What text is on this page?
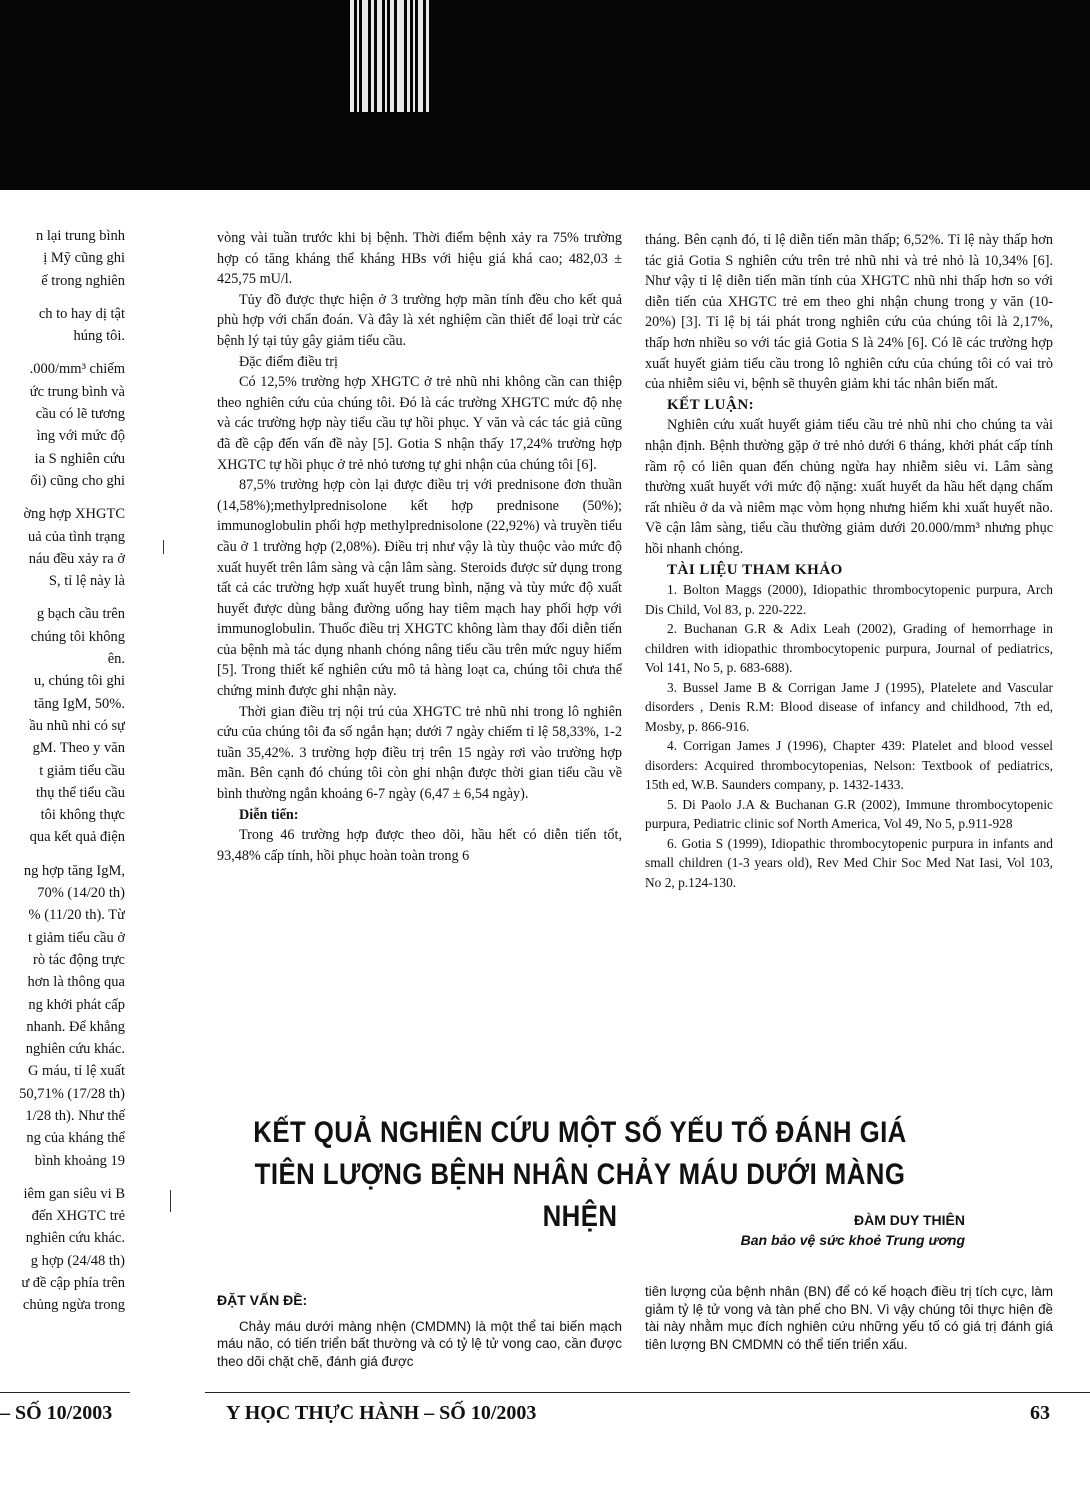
n lại trung bình
ị Mỹ cũng ghi
ế trong nghiên
ch to hay dị tật
húng tôi.
.000/mm³ chiếm
ức trung bình và
cầu có lẽ tương
ìng với mức độ
ia S nghiên cứu
ối) cũng cho ghi
ờng hợp XHGTC
uả của tình trạng
náu đều xảy ra ở
S, tỉ lệ này là
g bạch cầu trên
chúng tôi không
ên.
u, chúng tôi ghi
tăng IgM, 50%.
ầu nhũ nhi có sự
gM. Theo y văn
t giảm tiểu cầu
thụ thể tiểu cầu
tôi không thực
qua kết quả điện
ng hợp tăng IgM,
70% (14/20 th)
% (11/20 th). Từ
t giảm tiểu cầu ở
rò tác động trực
hơn là thông qua
ng khởi phát cấp
nhanh. Để khẳng
nghiên cứu khác.
G máu, tỉ lệ xuất
50,71% (17/28 th)
1/28 th). Như thế
ng của kháng thể
bình khoảng 19
iêm gan siêu vi B
đến XHGTC trẻ
nghiên cứu khác.
g hợp (24/48 th)
ư đề cập phía trên
chủng ngừa trong

vòng vài tuần trước khi bị bệnh. Thời điểm bệnh xảy ra 75% trường hợp có tăng kháng thể kháng HBs với hiệu giá khá cao; 482,03 ± 425,75 mU/l.

Tủy đồ được thực hiện ở 3 trường hợp mãn tính đều cho kết quả phù hợp với chẩn đoán. Và đây là xét nghiệm cần thiết để loại trừ các bệnh lý tại tủy gây giảm tiểu cầu.

Đặc điểm điều trị

Có 12,5% trường hợp XHGTC ở trẻ nhũ nhi không cần can thiệp theo nghiên cứu của chúng tôi. Đó là các trường XHGTC mức độ nhẹ và các trường hợp này tiểu cầu tự hồi phục. Y văn và các tác giả cũng đã đề cập đến vấn đề này [5]. Gotia S nhận thấy 17,24% trường hợp XHGTC tự hồi phục ở trẻ nhỏ tương tự ghi nhận của chúng tôi [6].

87,5% trường hợp còn lại được điều trị với prednisone đơn thuần (14,58%);methylprednisolone kết hợp prednisone (50%); immunoglobulin phối hợp methylprednisolone (22,92%) và truyền tiểu cầu ở 1 trường hợp (2,08%). Điều trị như vậy là tùy thuộc vào mức độ xuất huyết trên lâm sàng và cận lâm sàng. Steroids được sử dụng trong tất cả các trường hợp xuất huyết trung bình, nặng và tùy mức độ xuất huyết được dùng bằng đường uống hay tiêm mạch hay phối hợp với immunoglobulin. Thuốc điều trị XHGTC không làm thay đổi diễn tiến của bệnh mà tác dụng nhanh chóng nâng tiểu cầu trên mức nguy hiểm [5]. Trong thiết kế nghiên cứu mô tả hàng loạt ca, chúng tôi chưa thể chứng minh được ghi nhận này.

Thời gian điều trị nội trú của XHGTC trẻ nhũ nhi trong lô nghiên cứu của chúng tôi đa số ngắn hạn; dưới 7 ngày chiếm tỉ lệ 58,33%, 1-2 tuần 35,42%. 3 trường hợp điều trị trên 15 ngày rơi vào trường hợp mãn. Bên cạnh đó chúng tôi còn ghi nhận được thời gian tiểu cầu về bình thường ngắn khoảng 6-7 ngày (6,47 ± 6,54 ngày).

Diễn tiến:

Trong 46 trường hợp được theo dõi, hầu hết có diễn tiến tốt, 93,48% cấp tính, hồi phục hoàn toàn trong 6

tháng. Bên cạnh đó, tỉ lệ diễn tiến mãn thấp; 6,52%. Tỉ lệ này thấp hơn tác giả Gotia S nghiên cứu trên trẻ nhũ nhi và trẻ nhỏ là 10,34% [6]. Như vậy tỉ lệ diễn tiến mãn tính của XHGTC nhũ nhi thấp hơn so với diễn tiến của XHGTC trẻ em theo ghi nhận chung trong y văn (10-20%) [3]. Tỉ lệ bị tái phát trong nghiên cứu của chúng tôi là 2,17%, thấp hơn nhiều so với tác giả Gotia S là 24% [6]. Có lẽ các trường hợp xuất huyết giảm tiểu cầu trong lô nghiên cứu của chúng tôi có vai trò của nhiễm siêu vi, bệnh sẽ thuyên giảm khi tác nhân biến mất.

KẾT LUẬN:

Nghiên cứu xuất huyết giảm tiểu cầu trẻ nhũ nhi cho chúng ta vài nhận định. Bệnh thường gặp ở trẻ nhỏ dưới 6 tháng, khởi phát cấp tính rầm rộ có liên quan đến chủng ngừa hay nhiễm siêu vi. Lâm sàng thường xuất huyết với mức độ nặng: xuất huyết da hầu hết dạng chấm rất nhiều ở da và niêm mạc vòm họng nhưng hiếm khi xuất huyết não. Về cận lâm sàng, tiểu cầu thường giảm dưới 20.000/mm³ nhưng phục hồi nhanh chóng.

TÀI LIỆU THAM KHẢO

1. Bolton Maggs (2000), Idiopathic thrombocytopenic purpura, Arch Dis Child, Vol 83, p. 220-222.

2. Buchanan G.R & Adix Leah (2002), Grading of hemorrhage in children with idiopathic thrombocytopenic purpura, Journal of pediatrics, Vol 141, No 5, p. 683-688).

3. Bussel Jame B & Corrigan Jame J (1995), Platelete and Vascular disorders , Denis R.M: Blood disease of infancy and childhood, 7th ed, Mosby, p. 866-916.

4. Corrigan James J (1996), Chapter 439: Platelet and blood vessel disorders: Acquired thrombocytopenias, Nelson: Textbook of pediatrics, 15th ed, W.B. Saunders company, p. 1432-1433.

5. Di Paolo J.A & Buchanan G.R (2002), Immune thrombocytopenic purpura, Pediatric clinic sof North America, Vol 49, No 5, p.911-928

6. Gotia S (1999), Idiopathic thrombocytopenic purpura in infants and small children (1-3 years old), Rev Med Chir Soc Med Nat Iasi, Vol 103, No 2, p.124-130.

KẾT QUẢ NGHIÊN CỨU MỘT SỐ YẾU TỐ ĐÁNH GIÁ
TIÊN LƯỢNG BỆNH NHÂN CHẢY MÁU DƯỚI MÀNG NHỆN	ĐÀM DUY THIÊN
Ban bảo vệ sức khoẻ Trung ương

ĐẶT VẤN ĐỀ:

Chảy máu dưới màng nhện (CMDMN) là một thể tai biến mạch máu não, có tiến triển bất thường và có tỷ lệ tử vong cao, cần được theo dõi chặt chẽ, đánh giá được

tiên lượng của bệnh nhân (BN) để có kế hoạch điều trị tích cực, làm giảm tỷ lệ tử vong và tàn phế cho BN. Vì vậy chúng tôi thực hiện đề tài này nhằm mục đích nghiên cứu những yếu tố có giá trị đánh giá tiên lượng BN CMDMN có thể tiến triển xấu.

– SỐ 10/2003	Y HỌC THỰC HÀNH – SỐ 10/2003	63
